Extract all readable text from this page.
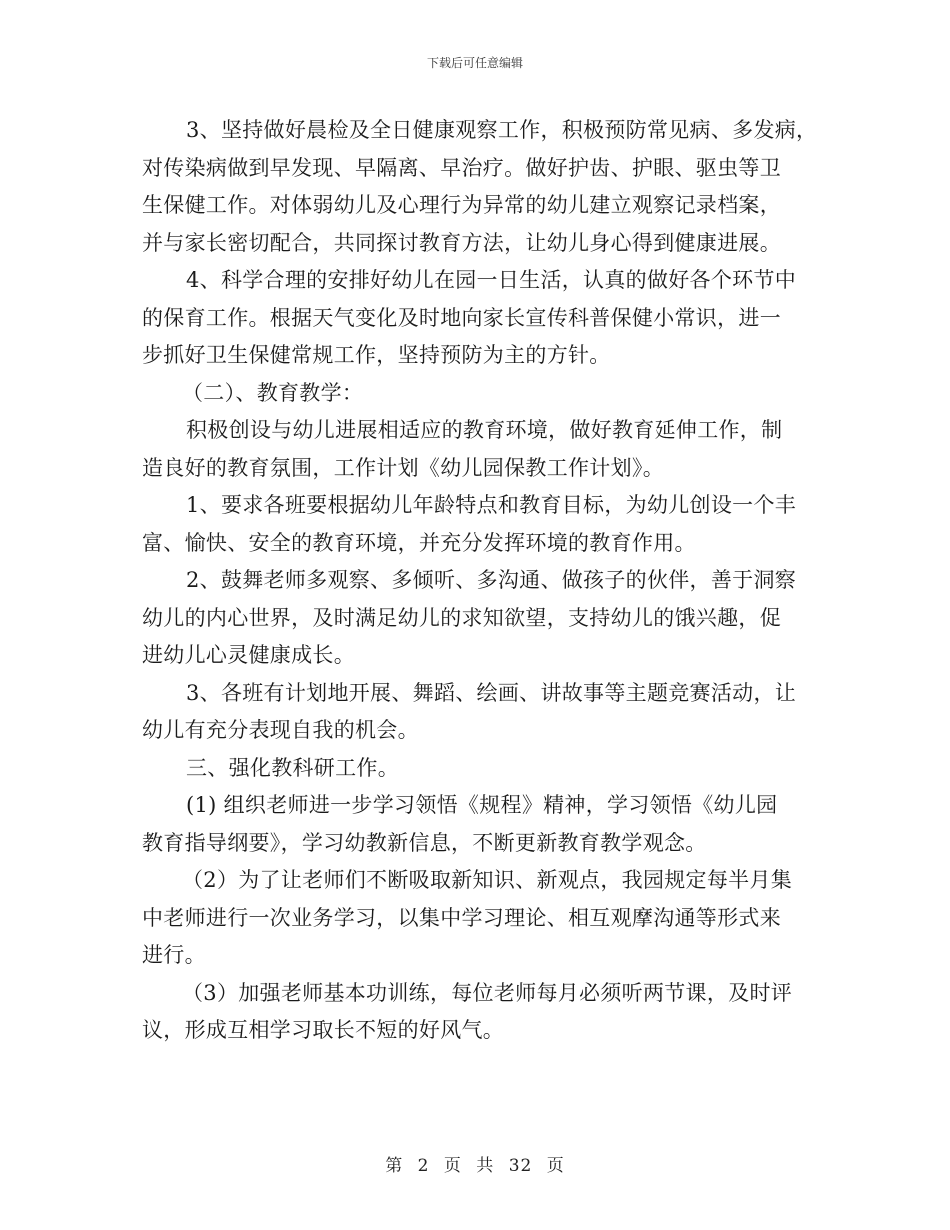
下载后可任意编辑
3、坚持做好晨检及全日健康观察工作，积极预防常见病、多发病，
对传染病做到早发现、早隔离、早治疗。做好护齿、护眼、驱虫等卫
生保健工作。对体弱幼儿及心理行为异常的幼儿建立观察记录档案，
并与家长密切配合，共同探讨教育方法，让幼儿身心得到健康进展。
4、科学合理的安排好幼儿在园一日生活，认真的做好各个环节中
的保育工作。根据天气变化及时地向家长宣传科普保健小常识，进一
步抓好卫生保健常规工作，坚持预防为主的方针。
（二）、教育教学：
积极创设与幼儿进展相适应的教育环境，做好教育延伸工作，制
造良好的教育氛围，工作计划《幼儿园保教工作计划》。
1、要求各班要根据幼儿年龄特点和教育目标，为幼儿创设一个丰
富、愉快、安全的教育环境，并充分发挥环境的教育作用。
2、鼓舞老师多观察、多倾听、多沟通、做孩子的伙伴，善于洞察
幼儿的内心世界，及时满足幼儿的求知欲望，支持幼儿的饿兴趣，促
进幼儿心灵健康成长。
3、各班有计划地开展、舞蹈、绘画、讲故事等主题竞赛活动，让
幼儿有充分表现自我的机会。
三、强化教科研工作。
(1) 组织老师进一步学习领悟《规程》精神，学习领悟《幼儿园
教育指导纲要》，学习幼教新信息，不断更新教育教学观念。
（2）为了让老师们不断吸取新知识、新观点，我园规定每半月集
中老师进行一次业务学习，以集中学习理论、相互观摩沟通等形式来
进行。
（3）加强老师基本功训练，每位老师每月必须听两节课，及时评
议，形成互相学习取长不短的好风气。
第 2 页 共 32 页
